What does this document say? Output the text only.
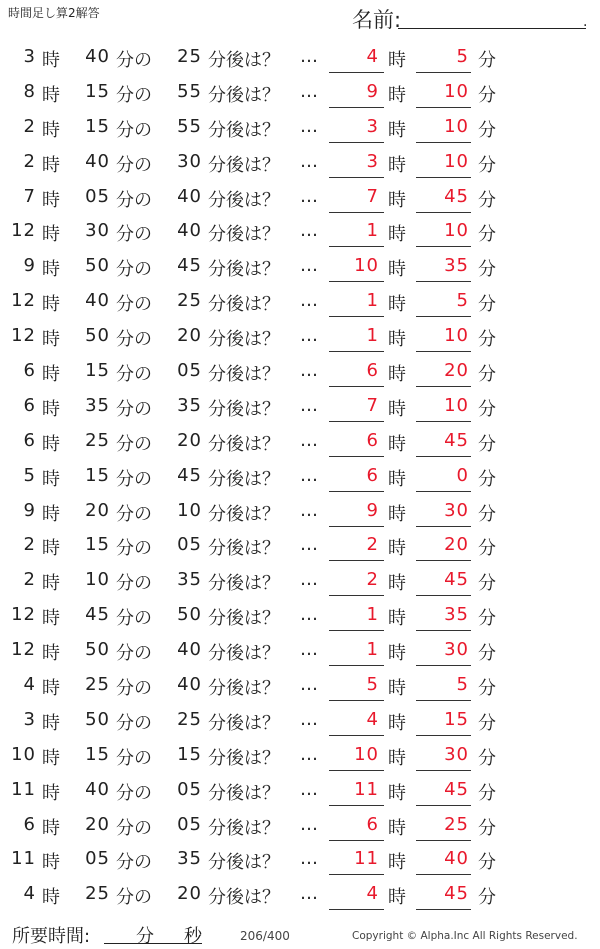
時間足し算2解答	名前:	.
3 時	40 分の	25 分後は？ …	4 時	5 分
8 時	15 分の	55 分後は？ …	9 時	10 分
2 時	15 分の	55 分後は？ …	3 時	10 分
2 時	40 分の	30 分後は？ …	3 時	10 分
7 時	05 分の	40 分後は？ …	7 時	45 分
12 時	30 分の	40 分後は？ …	1 時	10 分
9 時	50 分の	45 分後は？ …	10 時	35 分
12 時	40 分の	25 分後は？ …	1 時	5 分
12 時	50 分の	20 分後は？ …	1 時	10 分
6 時	15 分の	05 分後は？ …	6 時	20 分
6 時	35 分の	35 分後は？ …	7 時	10 分
6 時	25 分の	20 分後は？ …	6 時	45 分
5 時	15 分の	45 分後は？ …	6 時	0 分
9 時	20 分の	10 分後は？ …	9 時	30 分
2 時	15 分の	05 分後は？ …	2 時	20 分
2 時	10 分の	35 分後は？ …	2 時	45 分
12 時	45 分の	50 分後は？ …	1 時	35 分
12 時	50 分の	40 分後は？ …	1 時	30 分
4 時	25 分の	40 分後は？ …	5 時	5 分
3 時	50 分の	25 分後は？ …	4 時	15 分
10 時	15 分の	15 分後は？ …	10 時	30 分
11 時	40 分の	05 分後は？ …	11 時	45 分
6 時	20 分の	05 分後は？ …	6 時	25 分
11 時	05 分の	35 分後は？ …	11 時	40 分
4 時	25 分の	20 分後は？ …	4 時	45 分
所要時間:	分 秒	206/400	Copyright © Alpha.Inc All Rights Reserved.
